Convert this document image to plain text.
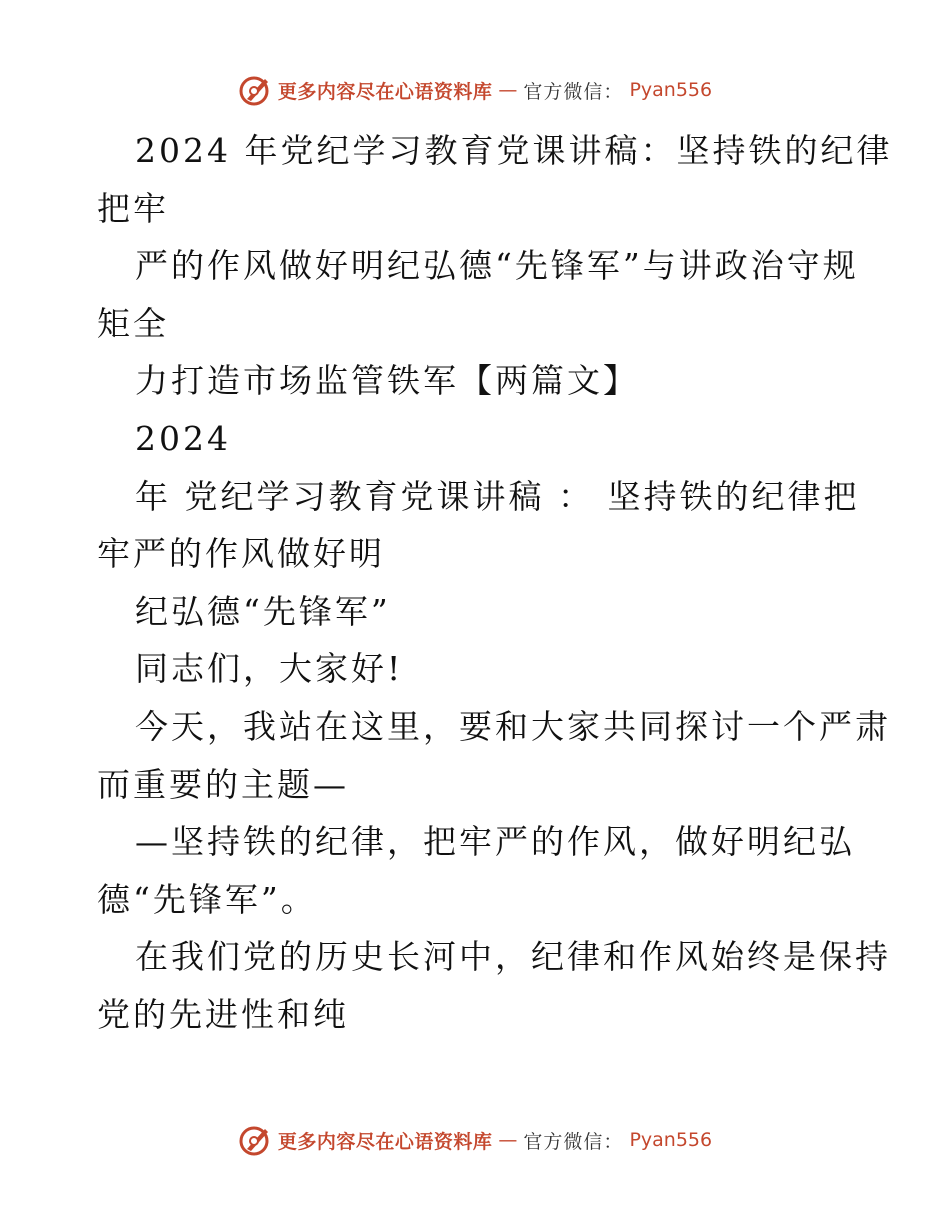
更多内容尽在心语资料库 — 官方微信： Pyan556
2024 年党纪学习教育党课讲稿：坚持铁的纪律
把牢
严的作风做好明纪弘德“先锋军”与讲政治守规
矩全
力打造市场监管铁军【两篇文】
2024
年 党纪学习教育党课讲稿 ： 坚持铁的纪律把
牢严的作风做好明
纪弘德“先锋军”
同志们，大家好!
今天，我站在这里，要和大家共同探讨一个严肃
而重要的主题—
—坚持铁的纪律，把牢严的作风，做好明纪弘
德“先锋军”。
在我们党的历史长河中，纪律和作风始终是保持
党的先进性和纯
更多内容尽在心语资料库 — 官方微信： Pyan556
